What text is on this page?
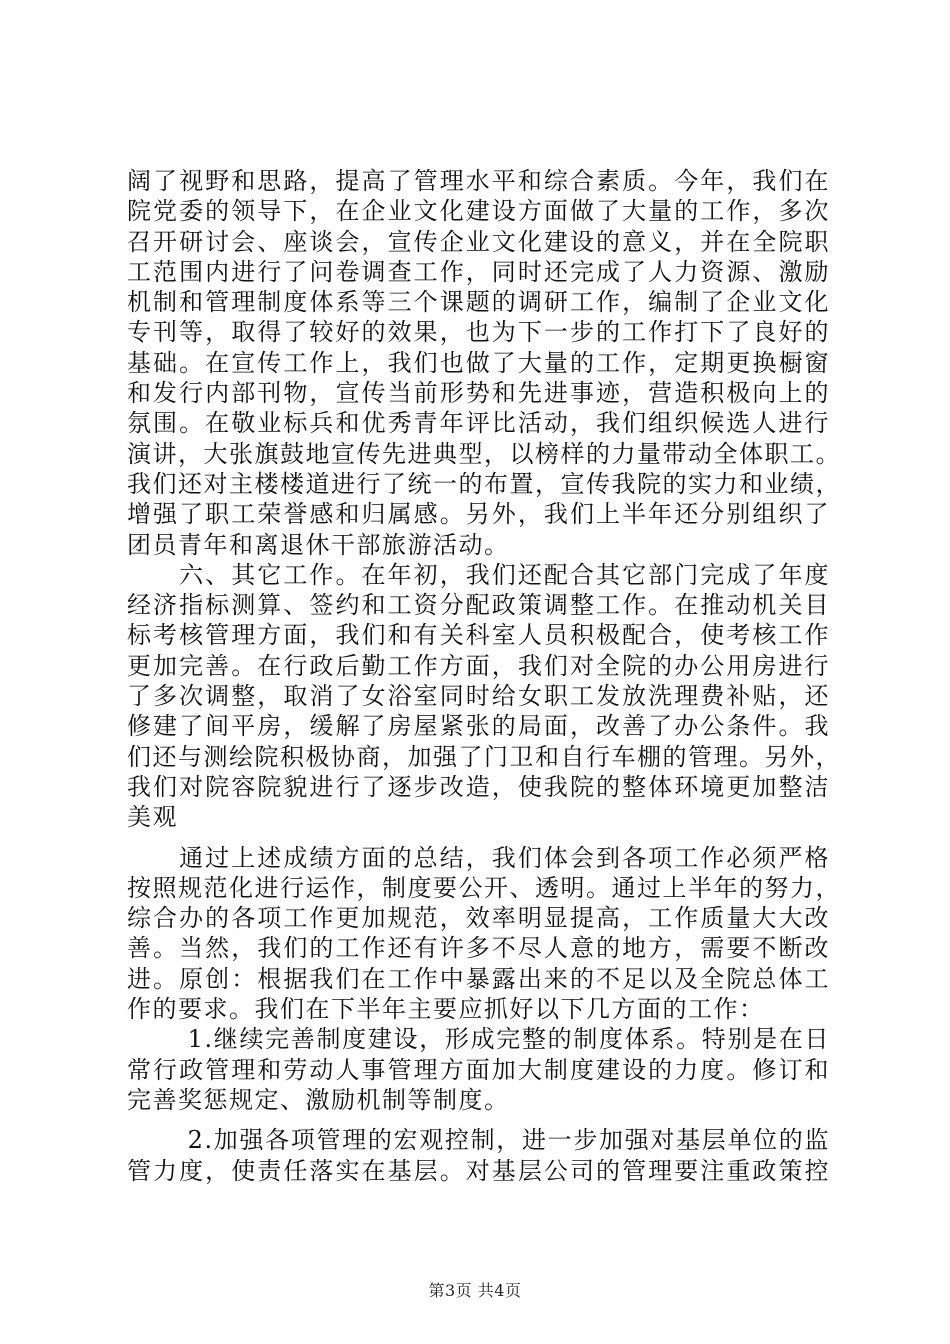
阔了视野和思路，提高了管理水平和综合素质。今年，我们在
院党委的领导下，在企业文化建设方面做了大量的工作，多次
召开研讨会、座谈会，宣传企业文化建设的意义，并在全院职
工范围内进行了问卷调查工作，同时还完成了人力资源、激励
机制和管理制度体系等三个课题的调研工作，编制了企业文化
专刊等，取得了较好的效果，也为下一步的工作打下了良好的
基础。在宣传工作上，我们也做了大量的工作，定期更换橱窗
和发行内部刊物，宣传当前形势和先进事迹，营造积极向上的
氛围。在敬业标兵和优秀青年评比活动，我们组织候选人进行
演讲，大张旗鼓地宣传先进典型，以榜样的力量带动全体职工。
我们还对主楼楼道进行了统一的布置，宣传我院的实力和业绩，
增强了职工荣誉感和归属感。另外，我们上半年还分别组织了
团员青年和离退休干部旅游活动。
　　六、其它工作。在年初，我们还配合其它部门完成了年度
经济指标测算、签约和工资分配政策调整工作。在推动机关目
标考核管理方面，我们和有关科室人员积极配合，使考核工作
更加完善。在行政后勤工作方面，我们对全院的办公用房进行
了多次调整，取消了女浴室同时给女职工发放洗理费补贴，还
修建了间平房，缓解了房屋紧张的局面，改善了办公条件。我
们还与测绘院积极协商，加强了门卫和自行车棚的管理。另外，
我们对院容院貌进行了逐步改造，使我院的整体环境更加整洁
美观
　　通过上述成绩方面的总结，我们体会到各项工作必须严格
按照规范化进行运作，制度要公开、透明。通过上半年的努力，
综合办的各项工作更加规范，效率明显提高，工作质量大大改
善。当然，我们的工作还有许多不尽人意的地方，需要不断改
进。原创：根据我们在工作中暴露出来的不足以及全院总体工
作的要求。我们在下半年主要应抓好以下几方面的工作：
　　 1.继续完善制度建设，形成完整的制度体系。特别是在日
常行政管理和劳动人事管理方面加大制度建设的力度。修订和
完善奖惩规定、激励机制等制度。
　　 2.加强各项管理的宏观控制，进一步加强对基层单位的监
管力度，使责任落实在基层。对基层公司的管理要注重政策控
第3页 共4页
